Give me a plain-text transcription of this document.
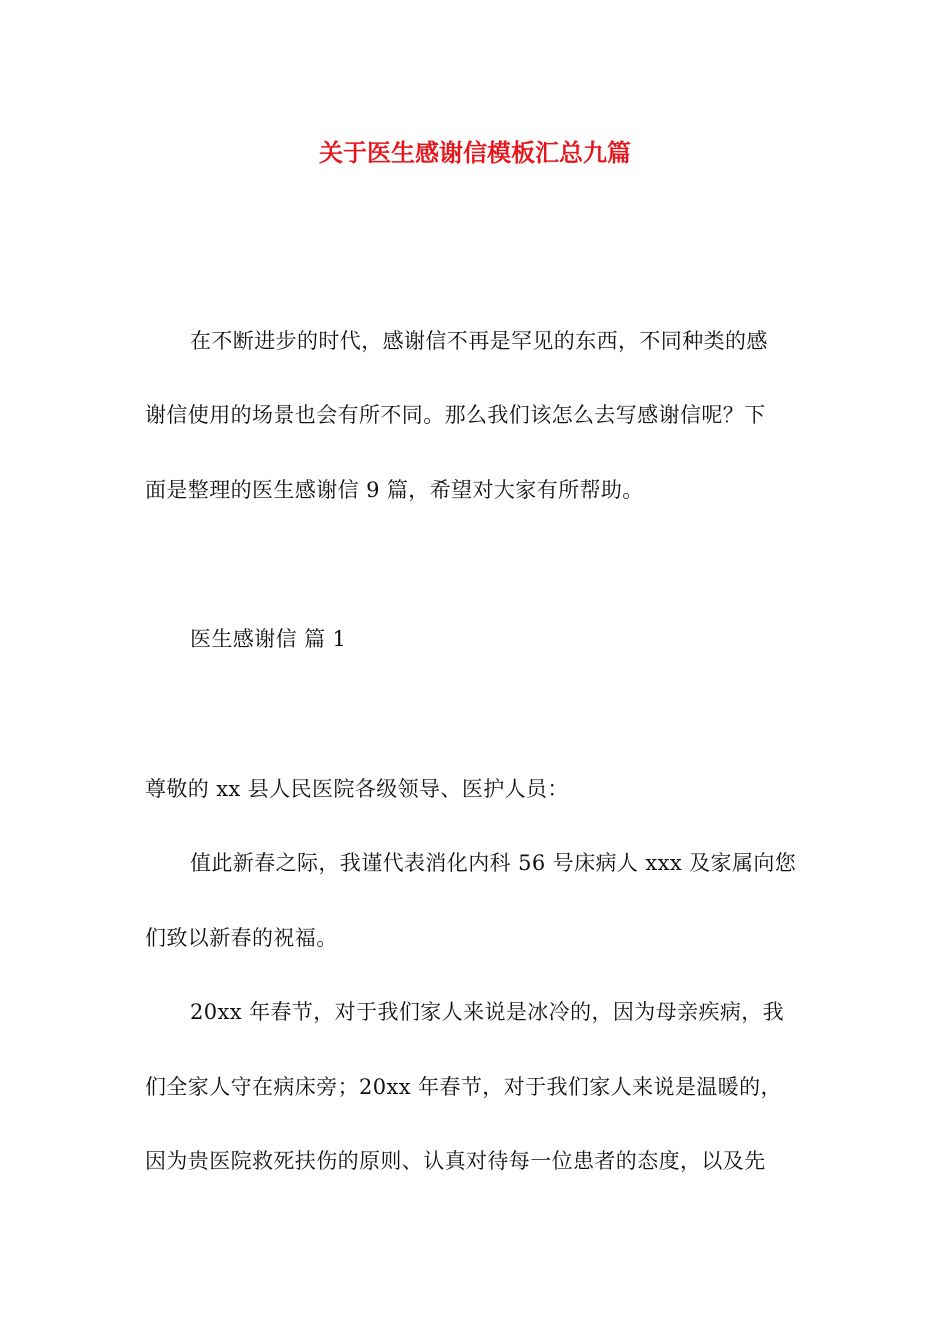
关于医生感谢信模板汇总九篇
在不断进步的时代，感谢信不再是罕见的东西，不同种类的感
谢信使用的场景也会有所不同。那么我们该怎么去写感谢信呢？下
面是整理的医生感谢信 9 篇，希望对大家有所帮助。
医生感谢信 篇 1
尊敬的 xx 县人民医院各级领导、医护人员：
值此新春之际，我谨代表消化内科 56 号床病人 xxx 及家属向您
们致以新春的祝福。
20xx 年春节，对于我们家人来说是冰冷的，因为母亲疾病，我
们全家人守在病床旁；20xx 年春节，对于我们家人来说是温暖的，
因为贵医院救死扶伤的原则、认真对待每一位患者的态度，以及先
